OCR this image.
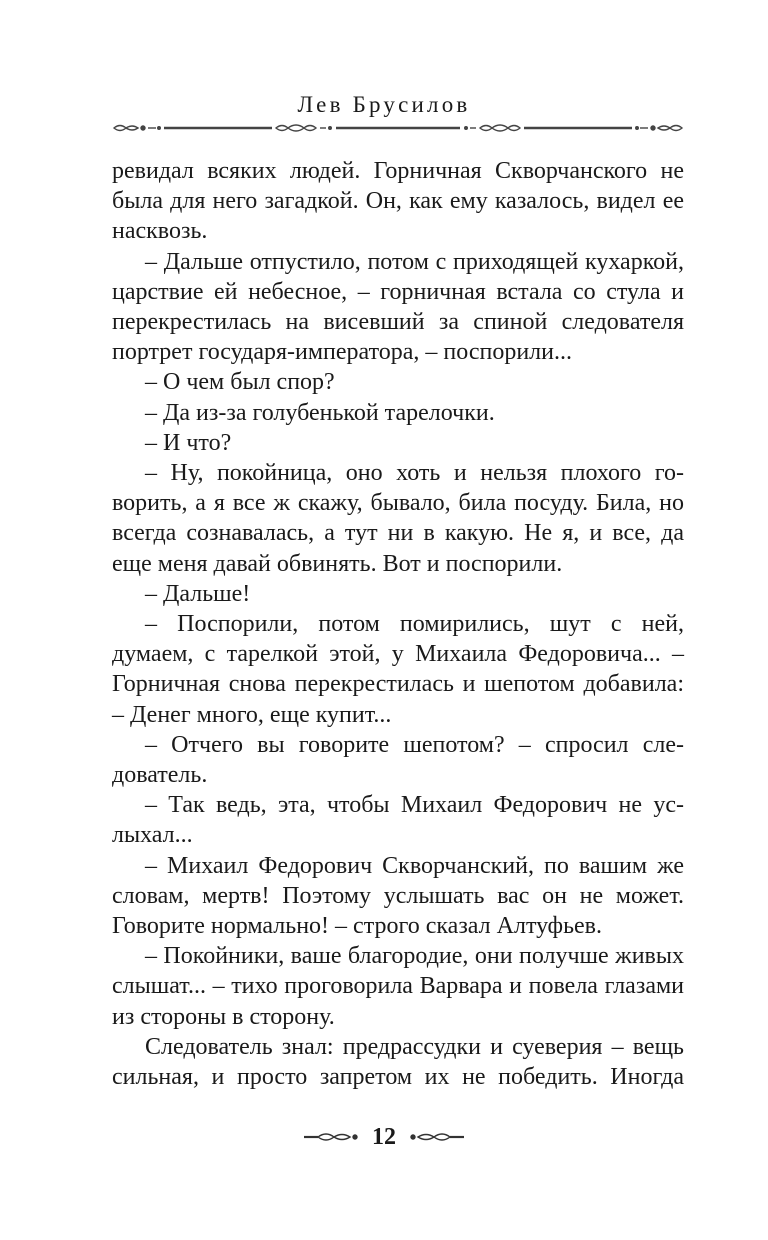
Лев Брусилов

ревидал всяких людей. Горничная Скворчанского не была для него загадкой. Он, как ему казалось, видел ее насквозь.

– Дальше отпустило, потом с приходящей кухаркой, царствие ей небесное, – горничная встала со стула и перекрестилась на висевший за спиной следователя портрет государя-императора, – поспорили...

– О чем был спор?

– Да из-за голубенькой тарелочки.

– И что?

– Ну, покойница, оно хоть и нельзя плохого говорить, а я все ж скажу, бывало, била посуду. Била, но всегда сознавалась, а тут ни в какую. Не я, и все, да еще меня давай обвинять. Вот и поспорили.

– Дальше!

– Поспорили, потом помирились, шут с ней, думаем, с тарелкой этой, у Михаила Федоровича... – Горничная снова перекрестилась и шепотом добавила: – Денег много, еще купит...

– Отчего вы говорите шепотом? – спросил следователь.

– Так ведь, эта, чтобы Михаил Федорович не услыхал...

– Михаил Федорович Скворчанский, по вашим же словам, мертв! Поэтому услышать вас он не может. Говорите нормально! – строго сказал Алтуфьев.

– Покойники, ваше благородие, они получше живых слышат... – тихо проговорила Варвара и повела глазами из стороны в сторону.

Следователь знал: предрассудки и суеверия – вещь сильная, и просто запретом их не победить. Иногда

12
